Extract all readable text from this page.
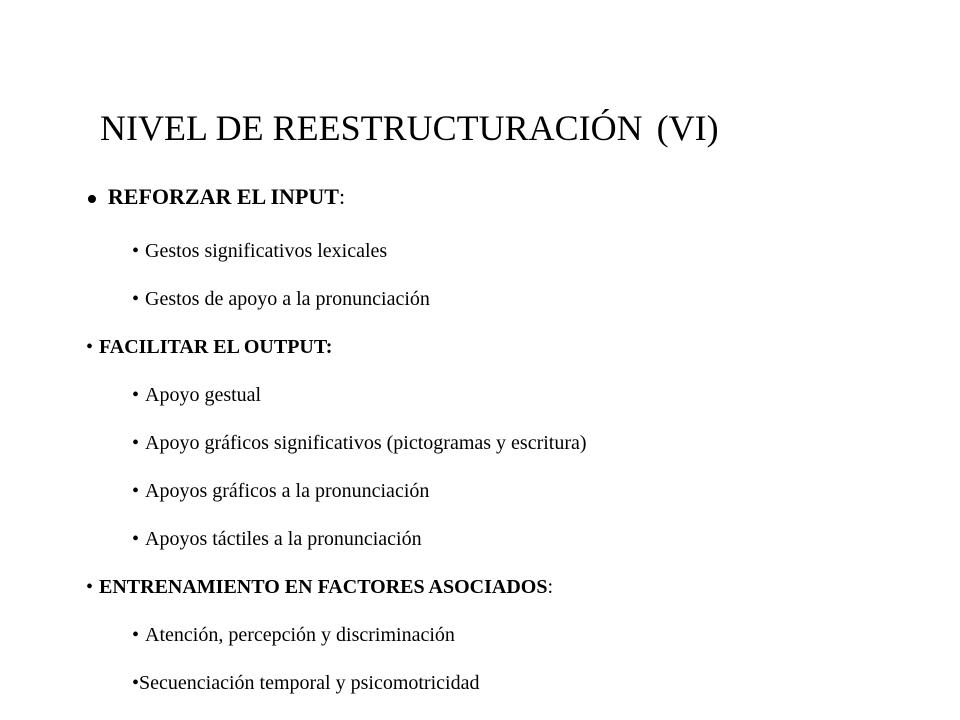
NIVEL DE REESTRUCTURACIÓN (VI)
• REFORZAR EL INPUT:
• Gestos significativos lexicales
• Gestos de apoyo a la pronunciación
• FACILITAR EL OUTPUT:
• Apoyo gestual
• Apoyo gráficos significativos (pictogramas y escritura)
• Apoyos gráficos a la pronunciación
• Apoyos táctiles a la pronunciación
• ENTRENAMIENTO EN FACTORES ASOCIADOS:
• Atención, percepción y discriminación
•Secuenciación temporal y psicomotricidad
